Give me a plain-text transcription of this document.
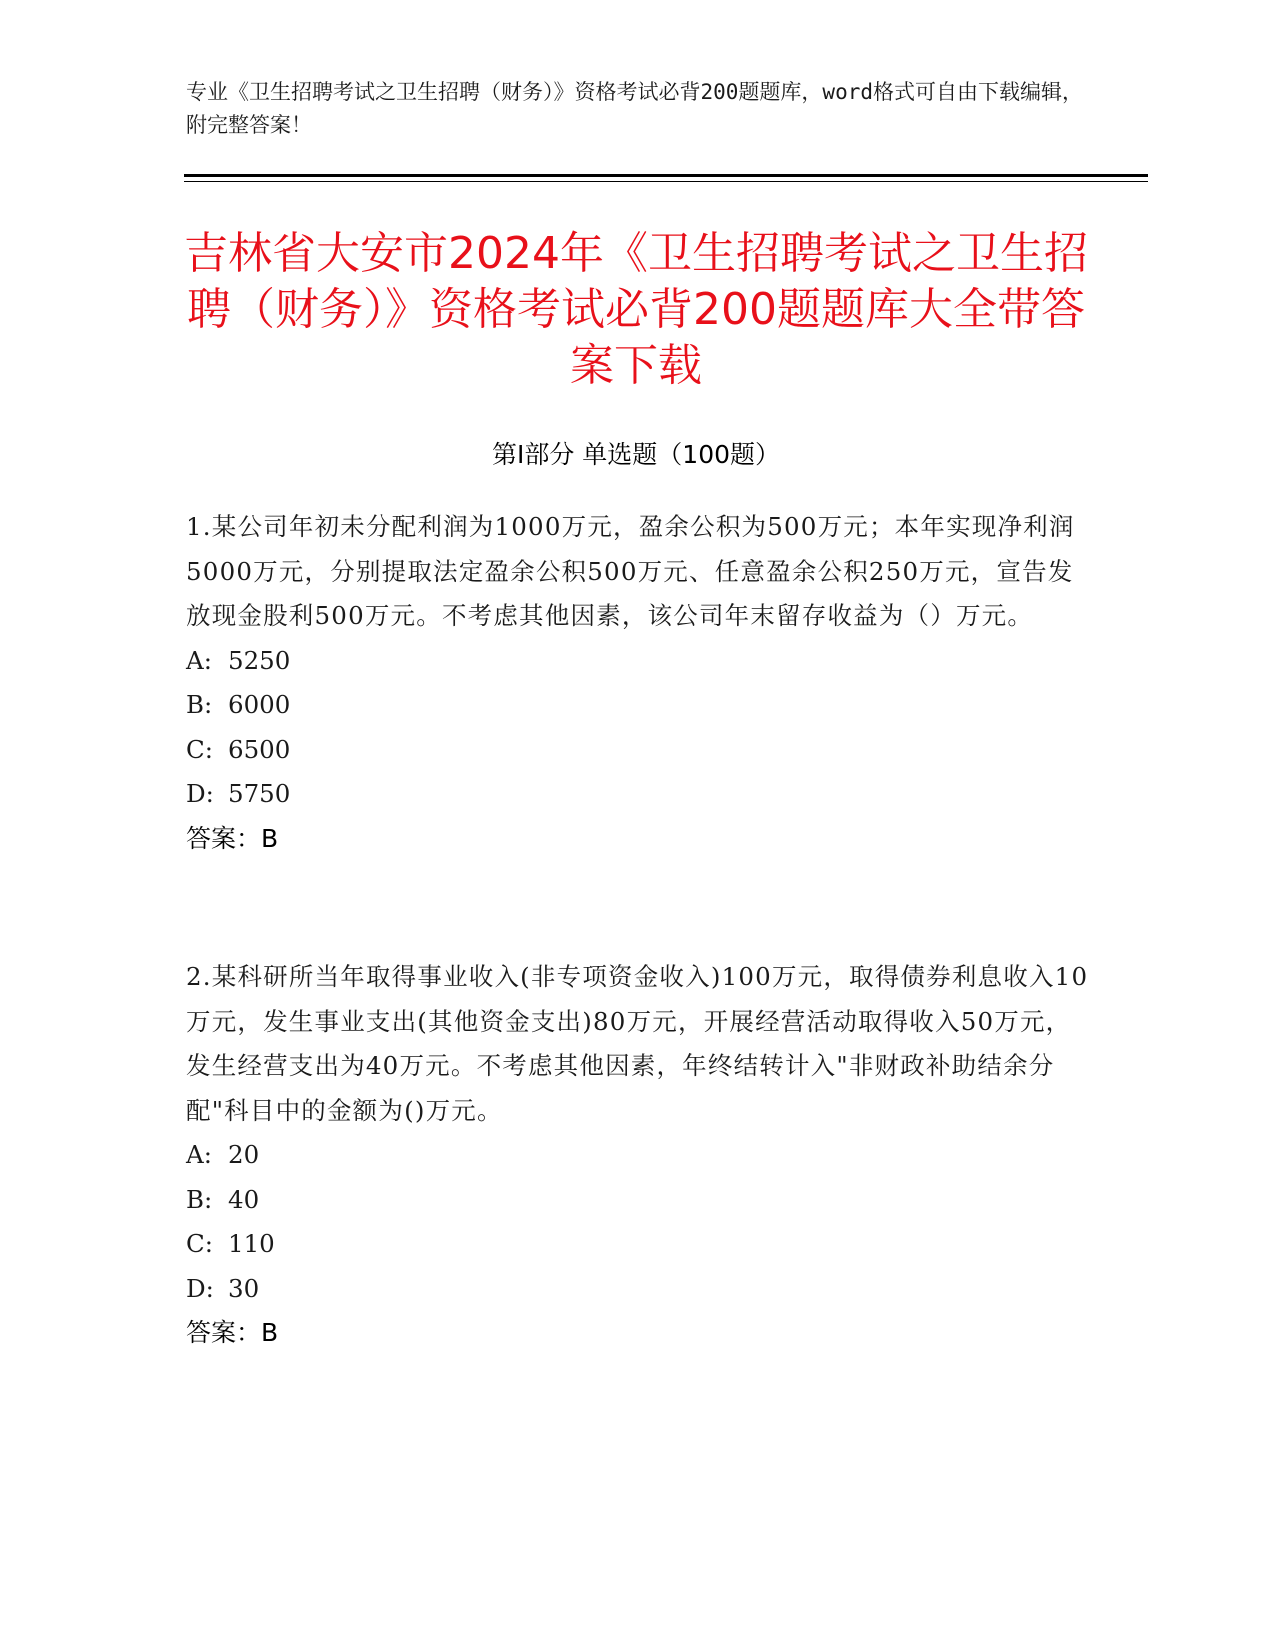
专业《卫生招聘考试之卫生招聘（财务）》资格考试必背200题题库，word格式可自由下载编辑，附完整答案！
吉林省大安市2024年《卫生招聘考试之卫生招聘（财务）》资格考试必背200题题库大全带答案下载
第Ⅰ部分 单选题（100题）

1.某公司年初未分配利润为1000万元，盈余公积为500万元；本年实现净利润5000万元，分别提取法定盈余公积500万元、任意盈余公积250万元，宣告发放现金股利500万元。不考虑其他因素，该公司年末留存收益为（）万元。

A: 5250

B: 6000

C: 6500

D: 5750

答案：B

2.某科研所当年取得事业收入(非专项资金收入)100万元，取得债券利息收入10万元，发生事业支出(其他资金支出)80万元，开展经营活动取得收入50万元，发生经营支出为40万元。不考虑其他因素，年终结转计入"非财政补助结余分配"科目中的金额为()万元。

A: 20

B: 40

C: 110

D: 30

答案：B
